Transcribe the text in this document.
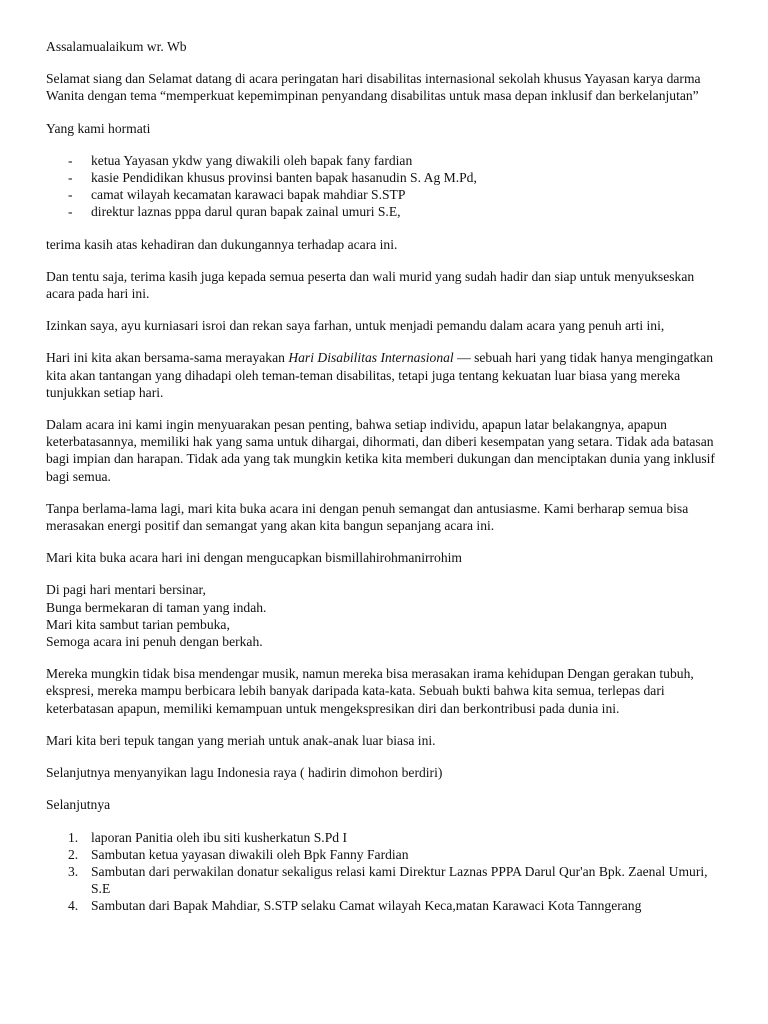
Assalamualaikum wr. Wb

Selamat siang dan Selamat datang di acara peringatan hari disabilitas internasional sekolah khusus Yayasan karya darma Wanita dengan tema “memperkuat kepemimpinan penyandang disabilitas untuk masa depan inklusif dan berkelanjutan”

Yang kami hormati

- ketua Yayasan ykdw yang diwakili oleh bapak fany fardian
- kasie Pendidikan khusus provinsi banten bapak hasanudin S. Ag M.Pd,
- camat wilayah kecamatan karawaci bapak mahdiar S.STP
- direktur laznas pppa darul quran bapak zainal umuri S.E,

terima kasih atas kehadiran dan dukungannya terhadap acara ini.

Dan tentu saja, terima kasih juga kepada semua peserta dan wali murid yang sudah hadir dan siap untuk menyukseskan acara pada hari ini.

Izinkan saya, ayu kurniasari isroi dan rekan saya farhan, untuk menjadi pemandu dalam acara yang penuh arti ini,

Hari ini kita akan bersama-sama merayakan Hari Disabilitas Internasional — sebuah hari yang tidak hanya mengingatkan kita akan tantangan yang dihadapi oleh teman-teman disabilitas, tetapi juga tentang kekuatan luar biasa yang mereka tunjukkan setiap hari.

Dalam acara ini kami ingin menyuarakan pesan penting, bahwa setiap individu, apapun latar belakangnya, apapun keterbatasannya, memiliki hak yang sama untuk dihargai, dihormati, dan diberi kesempatan yang setara. Tidak ada batasan bagi impian dan harapan. Tidak ada yang tak mungkin ketika kita memberi dukungan dan menciptakan dunia yang inklusif bagi semua.

Tanpa berlama-lama lagi, mari kita buka acara ini dengan penuh semangat dan antusiasme. Kami berharap semua bisa merasakan energi positif dan semangat yang akan kita bangun sepanjang acara ini.

Mari kita buka acara hari ini dengan mengucapkan bismillahirohmanirrohim

Di pagi hari mentari bersinar,
Bunga bermekaran di taman yang indah.
Mari kita sambut tarian pembuka,
Semoga acara ini penuh dengan berkah.

Mereka mungkin tidak bisa mendengar musik, namun mereka bisa merasakan irama kehidupan Dengan gerakan tubuh, ekspresi, mereka mampu berbicara lebih banyak daripada kata-kata. Sebuah bukti bahwa kita semua, terlepas dari keterbatasan apapun, memiliki kemampuan untuk mengekspresikan diri dan berkontribusi pada dunia ini.

Mari kita beri tepuk tangan yang meriah untuk anak-anak luar biasa ini.

Selanjutnya menyanyikan lagu Indonesia raya ( hadirin dimohon berdiri)

Selanjutnya

1. laporan Panitia oleh ibu siti kusherkatun S.Pd I
2. Sambutan ketua yayasan diwakili oleh Bpk Fanny Fardian
3. Sambutan dari perwakilan donatur sekaligus relasi kami Direktur Laznas PPPA Darul Qur'an Bpk. Zaenal Umuri, S.E
4. Sambutan dari Bapak Mahdiar, S.STP selaku Camat wilayah Keca,matan Karawaci Kota Tanngerang
